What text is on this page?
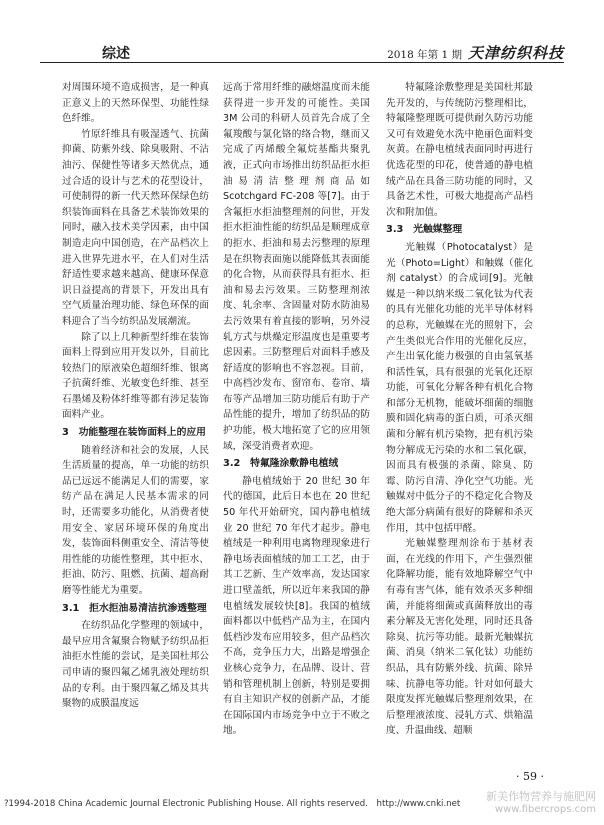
综述	2018 年第 1 期 天津纺织科技

对周围环境不造成损害，是一种真正意义上的天然环保型、功能性绿色纤维。

竹原纤维具有吸湿透气、抗菌抑菌、防紫外线、除臭吸附、不沾油污、保健性等诸多天然优点，通过合适的设计与艺术的花型设计，可使制得的新一代天然环保绿色纺织装饰面料在具备艺术装饰效果的同时，融入技术美学因素，由中国制造走向中国创造，在产品档次上进入世界先进水平，在人们对生活舒适性要求越来越高、健康环保意识日益提高的背景下，开发出具有空气质量治理功能、绿色环保的面料迎合了当今纺织品发展潮流。

除了以上几种新型纤维在装饰面料上得到应用开发以外，目前比较热门的原液染色超细纤维、银离子抗菌纤维、光敏变色纤维、甚至石墨烯及粉体纤维等都有涉足装饰面料产业。

3　功能整理在装饰面料上的应用

随着经济和社会的发展，人民生活质量的提高，单一功能的纺织品已远远不能满足人们的需要，家纺产品在满足人民基本需求的同时，还需要多功能化，从消费者使用安全、家居环境环保的角度出发，装饰面料侧重安全、清洁等使用性能的功能性整理，其中拒水、拒油、防污、阻燃、抗菌、超高耐磨等性能尤为重要。

3.1　拒水拒油易清洁抗渗透整理

在纺织品化学整理的领域中，最早应用含氟聚合物赋予纺织品拒油拒水性能的尝试，是美国杜邦公司申请的聚四氟乙烯乳液处理纺织品的专利。由于聚四氟乙烯及其共聚物的成膜温度远

远高于常用纤维的融熔温度而未能获得进一步开发的可能性。美国 3M 公司的科研人员首先合成了全氟羧酸与氯化铬的络合物，继而又完成了丙烯酸全氟烷基酯共聚乳液，正式向市场推出纺织品拒水拒油易清洁整理剂商品如 Scotchgard FC-208 等[7]。由于含氟拒水拒油整理剂的问世，开发拒水拒油性能的纺织品是顺理成章的拒水、拒油和易去污整理的原理是在织物表面施以能降低其表面能的化合物，从而获得具有拒水、拒油和易去污效果。三防整理剂浓度、轧余率、含固量对防水防油易去污效果有着直接的影响，另外浸轧方式与烘燥定形温度也是重要考虑因素。三防整理后对面料手感及舒适度的影响也不容忽视。目前，中高档沙发布、窗帘布、卷帘、墙布等产品增加三防功能后有助于产品性能的提升，增加了纺织品的防护功能，极大地拓宽了它的应用领域，深受消费者欢迎。

3.2　特氟隆涂敷静电植绒

静电植绒始于 20 世纪 30 年代的德国，此后日本也在 20 世纪 50 年代开始研究，国内静电植绒业 20 世纪 70 年代才起步。静电植绒是一种利用电离物理现象进行静电场表面植绒的加工工艺，由于其工艺新、生产效率高，发达国家进口壁盖纸，所以近年来我国的静电植绒发展较快[8]。我国的植绒面料都以中低档产品为主，在国内低档沙发布应用较多，但产品档次不高，竞争压力大，出路是增强企业核心竞争力，在品牌、设计、营销和管理机制上创新，特别是要拥有自主知识产权的创新产品，才能在国际国内市场竞争中立于不败之地。

特氟隆涂敷整理是美国杜邦最先开发的，与传统防污整理相比，特氟隆整理既可提供耐久防污功能又可有效避免水洗中艳丽色面料变灰黄。在静电植绒表面同时再进行优选花型的印花，使普通的静电植绒产品在具备三防功能的同时，又具备艺术性，可极大地提高产品档次和附加值。

3.3　光触媒整理

光触媒（Photocatalyst）是光（Photo=Light）和触媒（催化剂 catalyst）的合成词[9]。光触媒是一种以纳米级二氧化钛为代表的具有光催化功能的光半导体材料的总称，光触媒在光的照射下，会产生类似光合作用的光催化反应，产生出氧化能力极强的自由氢氧基和活性氧，具有很强的光氧化还原功能，可氧化分解各种有机化合物和部分无机物，能破坏细菌的细胞膜和固化病毒的蛋白质，可杀灭细菌和分解有机污染物，把有机污染物分解成无污染的水和二氧化碳，因而具有极强的杀菌、除臭、防霉、防污自清、净化空气功能。光触媒对中低分子的不稳定化合物及绝大部分病菌有很好的降解和杀灭作用，其中包括甲醛。

光触媒整理剂涂布于基材表面，在光线的作用下，产生强烈催化降解功能，能有效地降解空气中有毒有害气体，能有效杀灭多种细菌，并能将细菌或真菌释放出的毒素分解及无害化处理，同时还具备除臭、抗污等功能。最新光触媒抗菌、消臭（纳米二氧化钛）功能纺织品，具有防紫外线、抗菌、除异味、抗静电等功能。针对如何最大限度发挥光触媒后整理剂效果，在后整理液浓度、浸轧方式、烘箱温度、升温曲线、超顺

· 59 ·
?1994-2018 China Academic Journal Electronic Publishing House. All rights reserved.　http://www.cnki.net
新美作物营养与施肥网
www.fibercrops.com
